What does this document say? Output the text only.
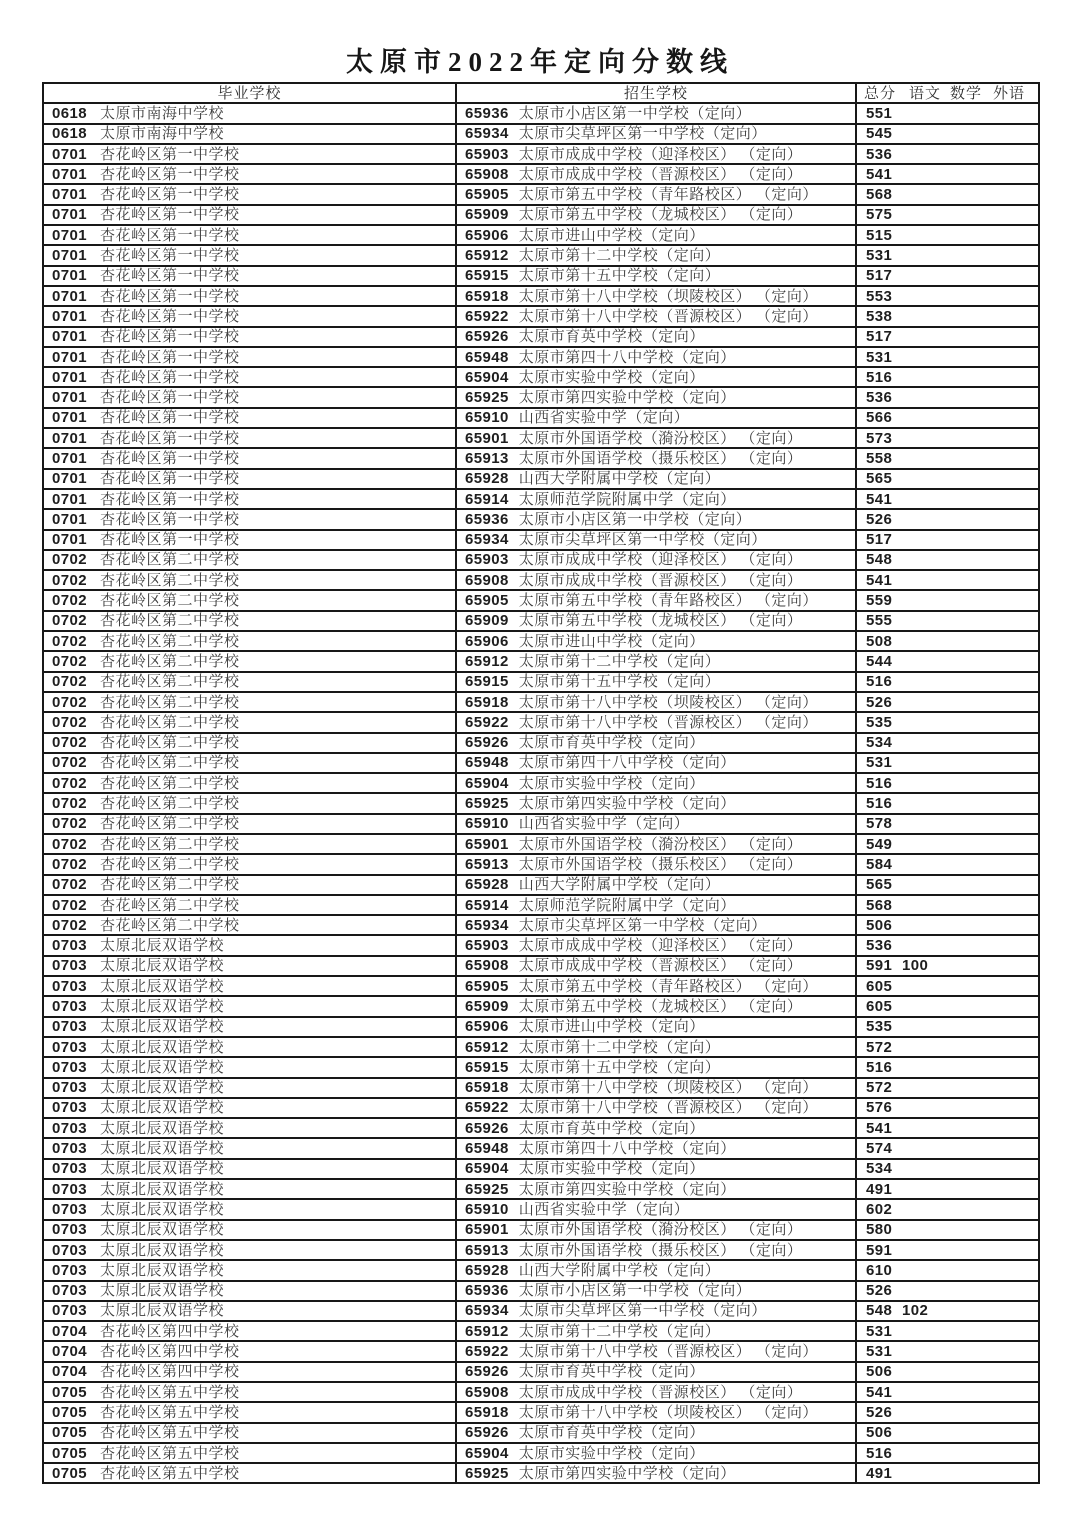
太原市2022年定向分数线
毕业学校	招生学校	总分 语文 数学 外语
0618 太原市南海中学校	65936 太原市小店区第一中学校（定向）	551
0618 太原市南海中学校	65934 太原市尖草坪区第一中学校（定向）	545
0701 杏花岭区第一中学校	65903 太原市成成中学校（迎泽校区） （定向）	536
0701 杏花岭区第一中学校	65908 太原市成成中学校（晋源校区） （定向）	541
0701 杏花岭区第一中学校	65905 太原市第五中学校（青年路校区） （定向）	568
0701 杏花岭区第一中学校	65909 太原市第五中学校（龙城校区） （定向）	575
0701 杏花岭区第一中学校	65906 太原市进山中学校（定向）	515
0701 杏花岭区第一中学校	65912 太原市第十二中学校（定向）	531
0701 杏花岭区第一中学校	65915 太原市第十五中学校（定向）	517
0701 杏花岭区第一中学校	65918 太原市第十八中学校（坝陵校区） （定向）	553
0701 杏花岭区第一中学校	65922 太原市第十八中学校（晋源校区） （定向）	538
0701 杏花岭区第一中学校	65926 太原市育英中学校（定向）	517
0701 杏花岭区第一中学校	65948 太原市第四十八中学校（定向）	531
0701 杏花岭区第一中学校	65904 太原市实验中学校（定向）	516
0701 杏花岭区第一中学校	65925 太原市第四实验中学校（定向）	536
0701 杏花岭区第一中学校	65910 山西省实验中学（定向）	566
0701 杏花岭区第一中学校	65901 太原市外国语学校（漪汾校区） （定向）	573
0701 杏花岭区第一中学校	65913 太原市外国语学校（摄乐校区） （定向）	558
0701 杏花岭区第一中学校	65928 山西大学附属中学校（定向）	565
0701 杏花岭区第一中学校	65914 太原师范学院附属中学（定向）	541
0701 杏花岭区第一中学校	65936 太原市小店区第一中学校（定向）	526
0701 杏花岭区第一中学校	65934 太原市尖草坪区第一中学校（定向）	517
0702 杏花岭区第二中学校	65903 太原市成成中学校（迎泽校区） （定向）	548
0702 杏花岭区第二中学校	65908 太原市成成中学校（晋源校区） （定向）	541
0702 杏花岭区第二中学校	65905 太原市第五中学校（青年路校区） （定向）	559
0702 杏花岭区第二中学校	65909 太原市第五中学校（龙城校区） （定向）	555
0702 杏花岭区第二中学校	65906 太原市进山中学校（定向）	508
0702 杏花岭区第二中学校	65912 太原市第十二中学校（定向）	544
0702 杏花岭区第二中学校	65915 太原市第十五中学校（定向）	516
0702 杏花岭区第二中学校	65918 太原市第十八中学校（坝陵校区） （定向）	526
0702 杏花岭区第二中学校	65922 太原市第十八中学校（晋源校区） （定向）	535
0702 杏花岭区第二中学校	65926 太原市育英中学校（定向）	534
0702 杏花岭区第二中学校	65948 太原市第四十八中学校（定向）	531
0702 杏花岭区第二中学校	65904 太原市实验中学校（定向）	516
0702 杏花岭区第二中学校	65925 太原市第四实验中学校（定向）	516
0702 杏花岭区第二中学校	65910 山西省实验中学（定向）	578
0702 杏花岭区第二中学校	65901 太原市外国语学校（漪汾校区） （定向）	549
0702 杏花岭区第二中学校	65913 太原市外国语学校（摄乐校区） （定向）	584
0702 杏花岭区第二中学校	65928 山西大学附属中学校（定向）	565
0702 杏花岭区第二中学校	65914 太原师范学院附属中学（定向）	568
0702 杏花岭区第二中学校	65934 太原市尖草坪区第一中学校（定向）	506
0703 太原北辰双语学校	65903 太原市成成中学校（迎泽校区） （定向）	536
0703 太原北辰双语学校	65908 太原市成成中学校（晋源校区） （定向）	591 100
0703 太原北辰双语学校	65905 太原市第五中学校（青年路校区） （定向）	605
0703 太原北辰双语学校	65909 太原市第五中学校（龙城校区） （定向）	605
0703 太原北辰双语学校	65906 太原市进山中学校（定向）	535
0703 太原北辰双语学校	65912 太原市第十二中学校（定向）	572
0703 太原北辰双语学校	65915 太原市第十五中学校（定向）	516
0703 太原北辰双语学校	65918 太原市第十八中学校（坝陵校区） （定向）	572
0703 太原北辰双语学校	65922 太原市第十八中学校（晋源校区） （定向）	576
0703 太原北辰双语学校	65926 太原市育英中学校（定向）	541
0703 太原北辰双语学校	65948 太原市第四十八中学校（定向）	574
0703 太原北辰双语学校	65904 太原市实验中学校（定向）	534
0703 太原北辰双语学校	65925 太原市第四实验中学校（定向）	491
0703 太原北辰双语学校	65910 山西省实验中学（定向）	602
0703 太原北辰双语学校	65901 太原市外国语学校（漪汾校区） （定向）	580
0703 太原北辰双语学校	65913 太原市外国语学校（摄乐校区） （定向）	591
0703 太原北辰双语学校	65928 山西大学附属中学校（定向）	610
0703 太原北辰双语学校	65936 太原市小店区第一中学校（定向）	526
0703 太原北辰双语学校	65934 太原市尖草坪区第一中学校（定向）	548 102
0704 杏花岭区第四中学校	65912 太原市第十二中学校（定向）	531
0704 杏花岭区第四中学校	65922 太原市第十八中学校（晋源校区） （定向）	531
0704 杏花岭区第四中学校	65926 太原市育英中学校（定向）	506
0705 杏花岭区第五中学校	65908 太原市成成中学校（晋源校区） （定向）	541
0705 杏花岭区第五中学校	65918 太原市第十八中学校（坝陵校区） （定向）	526
0705 杏花岭区第五中学校	65926 太原市育英中学校（定向）	506
0705 杏花岭区第五中学校	65904 太原市实验中学校（定向）	516
0705 杏花岭区第五中学校	65925 太原市第四实验中学校（定向）	491
